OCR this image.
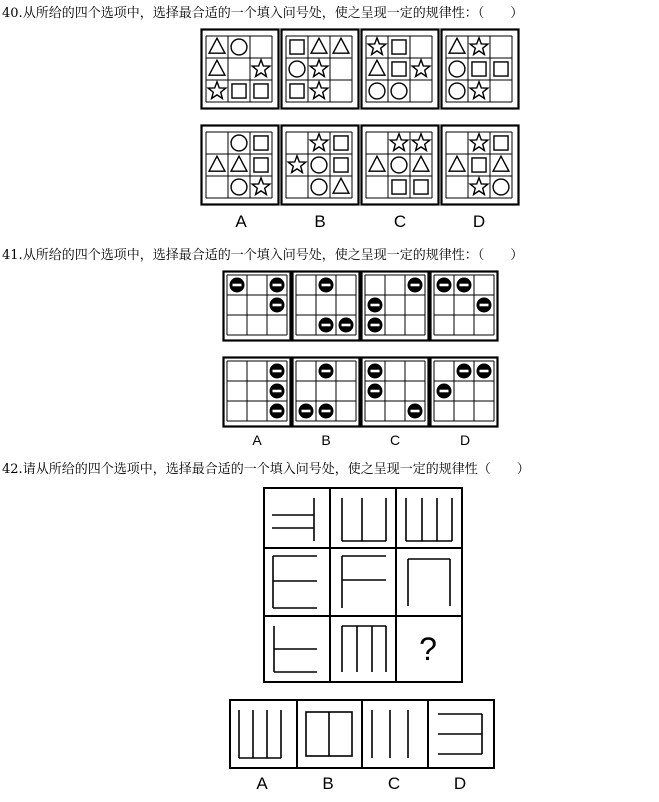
40.从所给的四个选项中，选择最合适的一个填入问号处，使之呈现一定的规律性：（　　）
A	B	C	D
41.从所给的四个选项中，选择最合适的一个填入问号处，使之呈现一定的规律性：（　　）
A	B	C	D
42.请从所给的四个选项中，选择最合适的一个填入问号处，使之呈现一定的规律性（　　）
?
A	B	C	D
